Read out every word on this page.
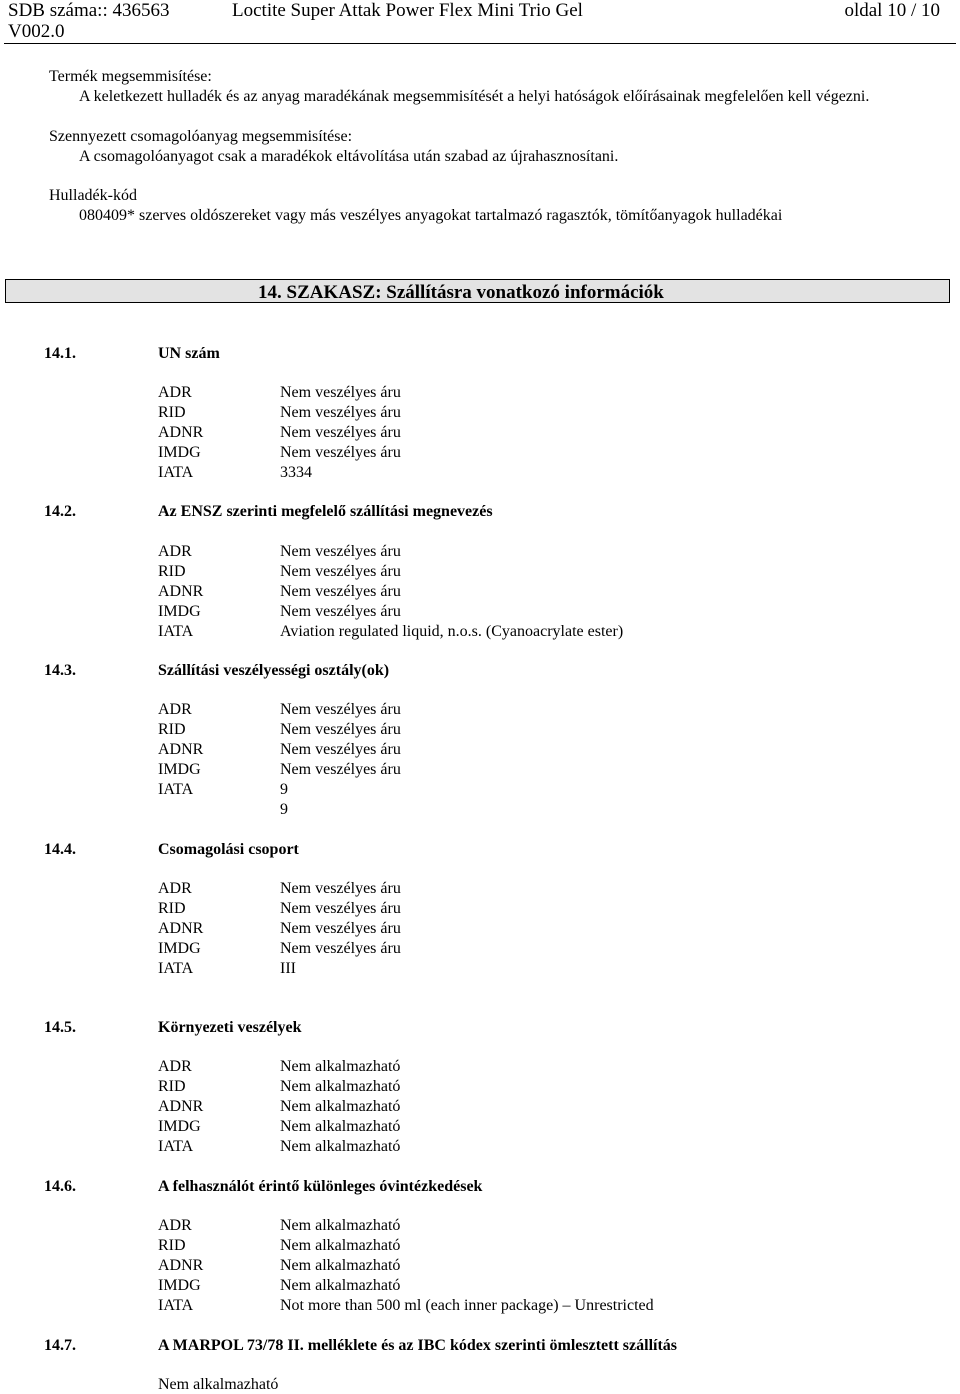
SDB száma:: 436563
V002.0
Loctite Super Attak Power Flex Mini Trio Gel	oldal 10 / 10
Termék megsemmisítése:
A keletkezett hulladék és az anyag maradékának megsemmisítését a helyi hatóságok előírásainak megfelelően kell végezni.
Szennyezett csomagolóanyag megsemmisítése:
A csomagolóanyagot csak a maradékok eltávolítása után szabad az újrahasznosítani.
Hulladék-kód
080409* szerves oldószereket vagy más veszélyes anyagokat tartalmazó ragasztók, tömítőanyagok hulladékai
14. SZAKASZ: Szállításra vonatkozó információk
14.1.	UN szám
ADR	Nem veszélyes áru
RID	Nem veszélyes áru
ADNR	Nem veszélyes áru
IMDG	Nem veszélyes áru
IATA	3334
14.2.	Az ENSZ szerinti megfelelő szállítási megnevezés
ADR	Nem veszélyes áru
RID	Nem veszélyes áru
ADNR	Nem veszélyes áru
IMDG	Nem veszélyes áru
IATA	Aviation regulated liquid, n.o.s. (Cyanoacrylate ester)
14.3.	Szállítási veszélyességi osztály(ok)
ADR	Nem veszélyes áru
RID	Nem veszélyes áru
ADNR	Nem veszélyes áru
IMDG	Nem veszélyes áru
IATA	9
9
14.4.	Csomagolási csoport
ADR	Nem veszélyes áru
RID	Nem veszélyes áru
ADNR	Nem veszélyes áru
IMDG	Nem veszélyes áru
IATA	III
14.5.	Környezeti veszélyek
ADR	Nem alkalmazható
RID	Nem alkalmazható
ADNR	Nem alkalmazható
IMDG	Nem alkalmazható
IATA	Nem alkalmazható
14.6.	A felhasználót érintő különleges óvintézkedések
ADR	Nem alkalmazható
RID	Nem alkalmazható
ADNR	Nem alkalmazható
IMDG	Nem alkalmazható
IATA	Not more than 500 ml (each inner package) – Unrestricted
14.7.	A MARPOL 73/78 II. melléklete és az IBC kódex szerinti ömlesztett szállítás
Nem alkalmazható
